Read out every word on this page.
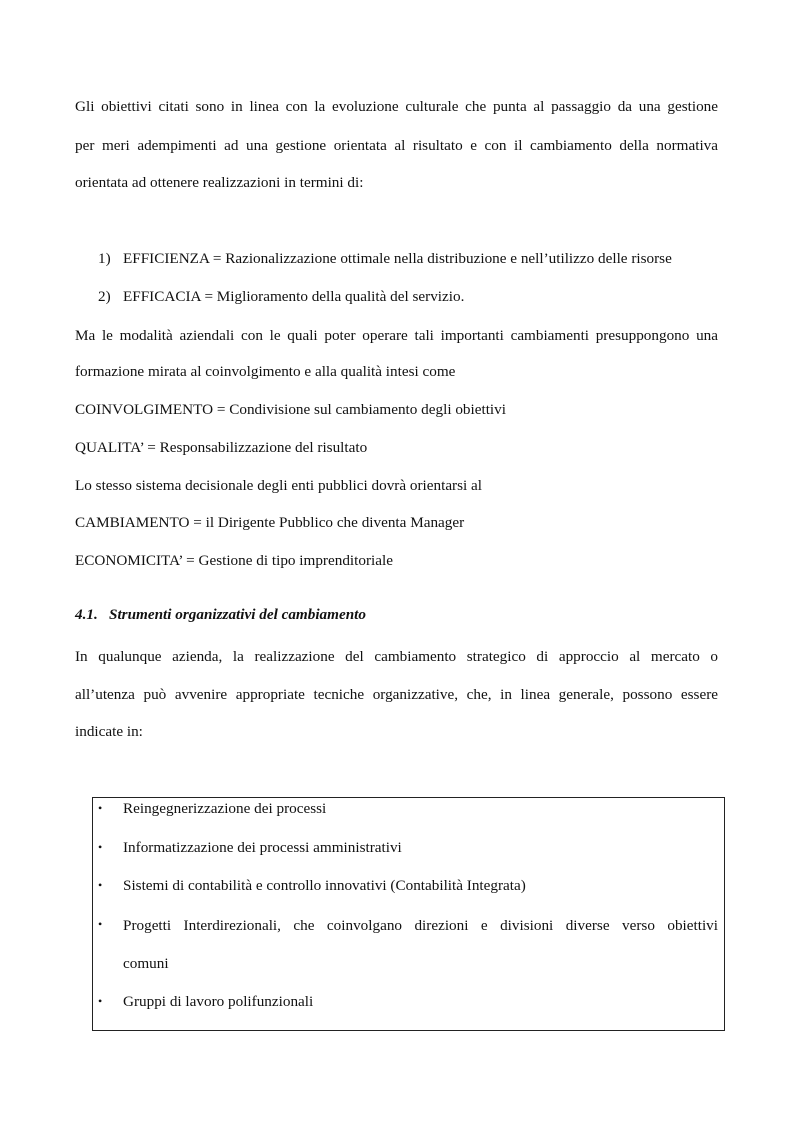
Gli obiettivi citati sono in linea con la evoluzione culturale che punta al passaggio da una gestione
per meri adempimenti ad una gestione orientata al risultato e con il cambiamento della normativa
orientata ad ottenere realizzazioni in termini di:
1) EFFICIENZA = Razionalizzazione ottimale nella distribuzione e nell’utilizzo delle risorse
2) EFFICACIA = Miglioramento della qualità del servizio.
Ma le modalità aziendali con le quali poter operare tali importanti cambiamenti presuppongono una
formazione mirata al coinvolgimento e alla qualità intesi come
COINVOLGIMENTO = Condivisione sul cambiamento degli obiettivi
QUALITA’ = Responsabilizzazione del risultato
Lo stesso sistema decisionale degli enti pubblici dovrà orientarsi al
CAMBIAMENTO = il Dirigente Pubblico che diventa Manager
ECONOMICITA’ = Gestione di tipo imprenditoriale
4.1. Strumenti organizzativi del cambiamento
In qualunque azienda, la realizzazione del cambiamento strategico di approccio al mercato o
all’utenza può avvenire appropriate tecniche organizzative, che, in linea generale, possono essere
indicate in:
• Reingegnerizzazione dei processi
• Informatizzazione dei processi amministrativi
• Sistemi di contabilità e controllo innovativi (Contabilità Integrata)
•	Progetti Interdirezionali, che coinvolgano direzioni e divisioni diverse verso obiettivi
comuni
• Gruppi di lavoro polifunzionali
